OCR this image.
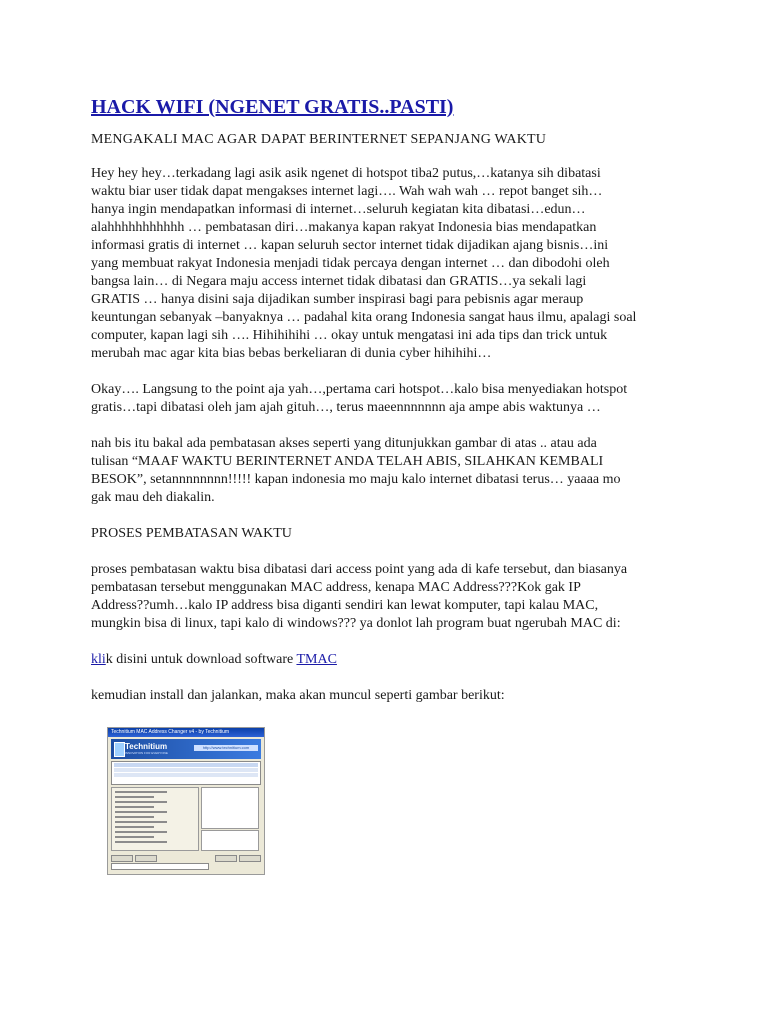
HACK WIFI (NGENET GRATIS..PASTI)
MENGAKALI MAC AGAR DAPAT BERINTERNET SEPANJANG WAKTU

Hey hey hey…terkadang lagi asik asik ngenet di hotspot tiba2 putus,…katanya sih dibatasi
waktu biar user tidak dapat mengakses internet lagi…. Wah wah wah … repot banget sih…
hanya ingin mendapatkan informasi di internet…seluruh kegiatan kita dibatasi…edun…
alahhhhhhhhhhh … pembatasan diri…makanya kapan rakyat Indonesia bias mendapatkan
informasi gratis di internet … kapan seluruh sector internet tidak dijadikan ajang bisnis…ini
yang membuat rakyat Indonesia menjadi tidak percaya dengan internet … dan dibodohi oleh
bangsa lain… di Negara maju access internet tidak dibatasi dan GRATIS…ya sekali lagi
GRATIS … hanya disini saja dijadikan sumber inspirasi bagi para pebisnis agar meraup
keuntungan sebanyak –banyaknya … padahal kita orang Indonesia sangat haus ilmu, apalagi soal
computer, kapan lagi sih …. Hihihihihi … okay untuk mengatasi ini ada tips dan trick untuk
merubah mac agar kita bias bebas berkeliaran di dunia cyber hihihihi…

Okay…. Langsung to the point aja yah…,pertama cari hotspot…kalo bisa menyediakan hotspot
gratis…tapi dibatasi oleh jam ajah gituh…, terus maeennnnnnn aja ampe abis waktunya …

nah bis itu bakal ada pembatasan akses seperti yang ditunjukkan gambar di atas .. atau ada
tulisan “MAAF WAKTU BERINTERNET ANDA TELAH ABIS, SILAHKAN KEMBALI
BESOK”, setannnnnnnn!!!!! kapan indonesia mo maju kalo internet dibatasi terus… yaaaa mo
gak mau deh diakalin.

PROSES PEMBATASAN WAKTU

proses pembatasan waktu bisa dibatasi dari access point yang ada di kafe tersebut, dan biasanya
pembatasan tersebut menggunakan MAC address, kenapa MAC Address???Kok gak IP
Address??umh…kalo IP address bisa diganti sendiri kan lewat komputer, tapi kalau MAC,
mungkin bisa di linux, tapi kalo di windows??? ya donlot lah program buat ngerubah MAC di:

klik disini untuk download software TMAC

kemudian install dan jalankan, maka akan muncul seperti gambar berikut:

Technitium MAC Address Changer v4 - by Technitium
Technitium
INNOVATION FOR EVERYONE
http://www.technitium.com
